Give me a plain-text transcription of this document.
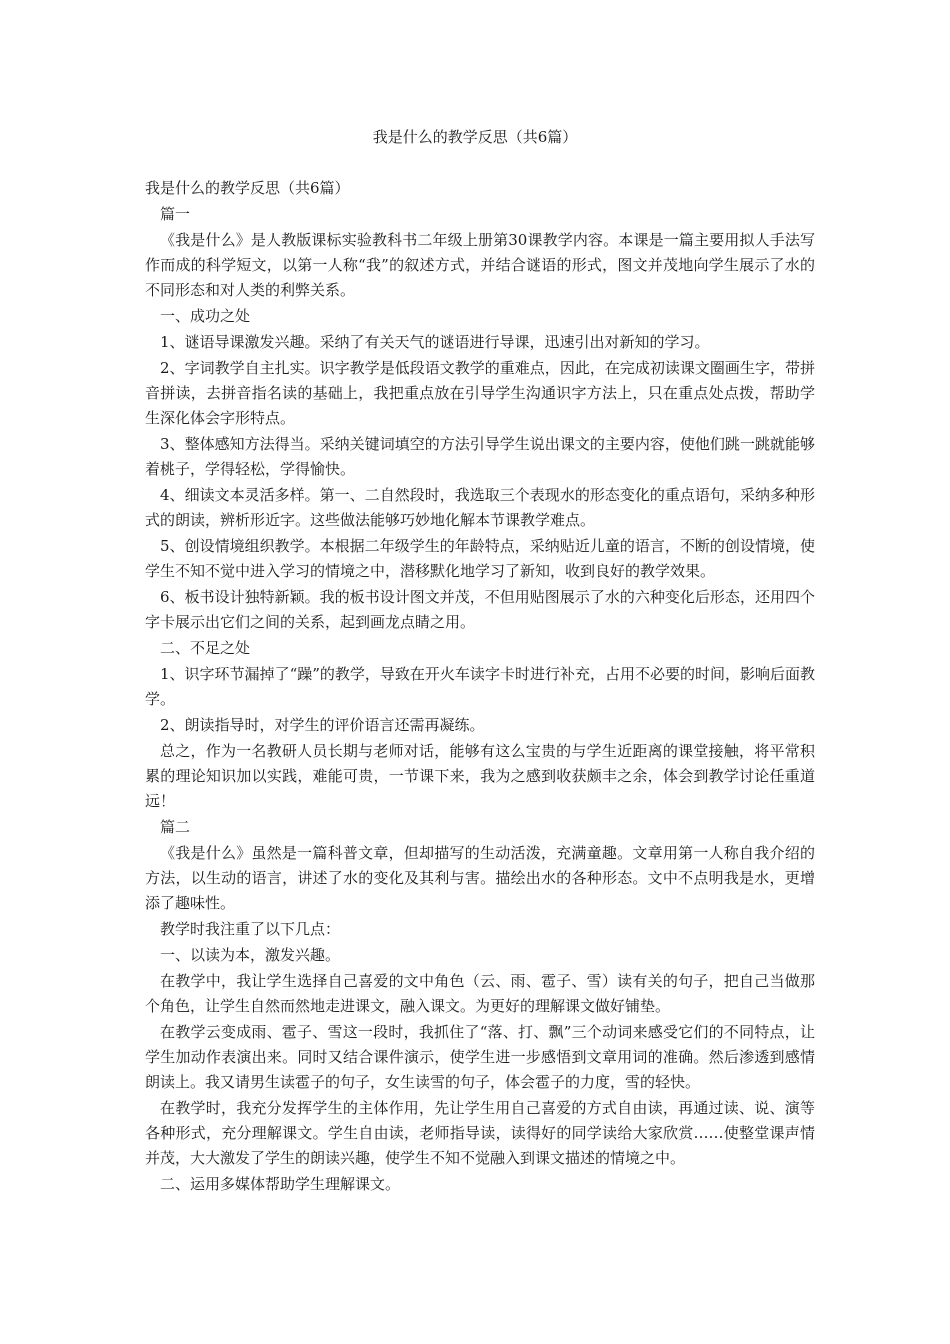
我是什么的教学反思（共6篇）

我是什么的教学反思（共6篇）

篇一

《我是什么》是人教版课标实验教科书二年级上册第30课教学内容。本课是一篇主要用拟人手法写作而成的科学短文，以第一人称“我”的叙述方式，并结合谜语的形式，图文并茂地向学生展示了水的不同形态和对人类的利弊关系。

一、成功之处

1、谜语导课激发兴趣。采纳了有关天气的谜语进行导课，迅速引出对新知的学习。

2、字词教学自主扎实。识字教学是低段语文教学的重难点，因此，在完成初读课文圈画生字，带拼音拼读，去拼音指名读的基础上，我把重点放在引导学生沟通识字方法上，只在重点处点拨，帮助学生深化体会字形特点。

3、整体感知方法得当。采纳关键词填空的方法引导学生说出课文的主要内容，使他们跳一跳就能够着桃子，学得轻松，学得愉快。

4、细读文本灵活多样。第一、二自然段时，我选取三个表现水的形态变化的重点语句，采纳多种形式的朗读，辨析形近字。这些做法能够巧妙地化解本节课教学难点。

5、创设情境组织教学。本根据二年级学生的年龄特点，采纳贴近儿童的语言，不断的创设情境，使学生不知不觉中进入学习的情境之中，潜移默化地学习了新知，收到良好的教学效果。

6、板书设计独特新颖。我的板书设计图文并茂，不但用贴图展示了水的六种变化后形态，还用四个字卡展示出它们之间的关系，起到画龙点睛之用。

二、不足之处

1、识字环节漏掉了“躁”的教学，导致在开火车读字卡时进行补充，占用不必要的时间，影响后面教学。

2、朗读指导时，对学生的评价语言还需再凝练。

总之，作为一名教研人员长期与老师对话，能够有这么宝贵的与学生近距离的课堂接触，将平常积累的理论知识加以实践，难能可贵，一节课下来，我为之感到收获颇丰之余，体会到教学讨论任重道远！

篇二

《我是什么》虽然是一篇科普文章，但却描写的生动活泼，充满童趣。文章用第一人称自我介绍的方法，以生动的语言，讲述了水的变化及其利与害。描绘出水的各种形态。文中不点明我是水，更增添了趣味性。

教学时我注重了以下几点：

一、以读为本，激发兴趣。

在教学中，我让学生选择自己喜爱的文中角色（云、雨、雹子、雪）读有关的句子，把自己当做那个角色，让学生自然而然地走进课文，融入课文。为更好的理解课文做好铺垫。

在教学云变成雨、雹子、雪这一段时，我抓住了“落、打、飘”三个动词来感受它们的不同特点，让学生加动作表演出来。同时又结合课件演示，使学生进一步感悟到文章用词的准确。然后渗透到感情朗读上。我又请男生读雹子的句子，女生读雪的句子，体会雹子的力度，雪的轻快。

在教学时，我充分发挥学生的主体作用，先让学生用自己喜爱的方式自由读，再通过读、说、演等各种形式，充分理解课文。学生自由读，老师指导读，读得好的同学读给大家欣赏……使整堂课声情并茂，大大激发了学生的朗读兴趣，使学生不知不觉融入到课文描述的情境之中。

二、运用多媒体帮助学生理解课文。
